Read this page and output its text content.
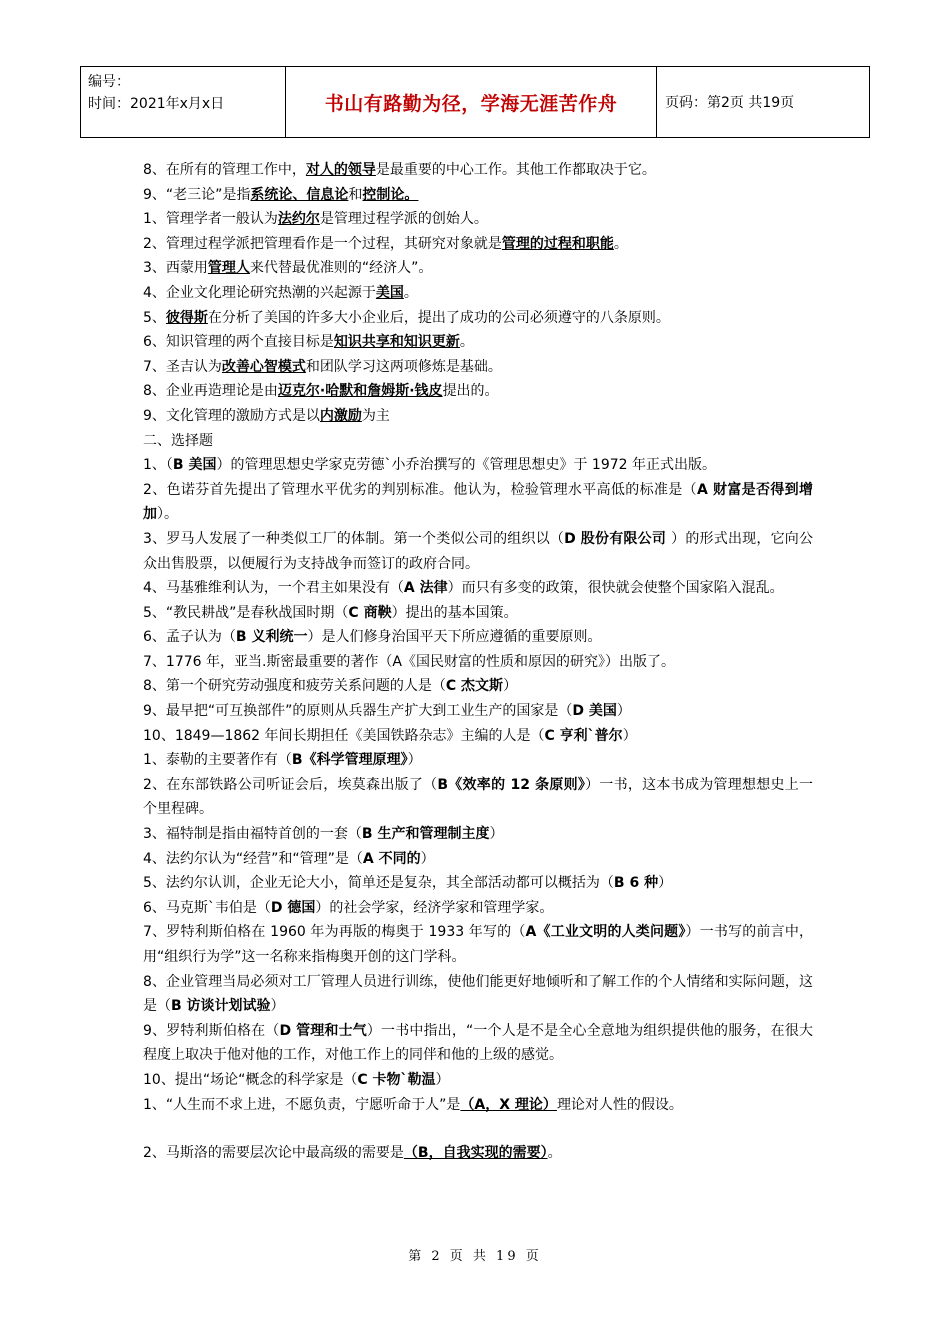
编号：
时间：2021年x月x日	书山有路勤为径，学海无涯苦作舟	页码：第2页 共19页
8、在所有的管理工作中，对人的领导是最重要的中心工作。其他工作都取决于它。
9、“老三论”是指系统论、信息论和控制论。
1、管理学者一般认为法约尔是管理过程学派的创始人。
2、管理过程学派把管理看作是一个过程，其研究对象就是管理的过程和职能。
3、西蒙用管理人来代替最优准则的“经济人”。
4、企业文化理论研究热潮的兴起源于美国。
5、彼得斯在分析了美国的许多大小企业后，提出了成功的公司必须遵守的八条原则。
6、知识管理的两个直接目标是知识共享和知识更新。
7、圣吉认为改善心智模式和团队学习这两项修炼是基础。
8、企业再造理论是由迈克尔·哈默和詹姆斯·钱皮提出的。
9、文化管理的激励方式是以内激励为主
二、选择题
1、（B 美国）的管理思想史学家克劳德`小乔治撰写的《管理思想史》于 1972 年正式出版。
2、色诺芬首先提出了管理水平优劣的判别标准。他认为，检验管理水平高低的标准是（A 财富是否得到增加）。
3、罗马人发展了一种类似工厂的体制。第一个类似公司的组织以（D 股份有限公司 ）的形式出现，它向公众出售股票，以便履行为支持战争而签订的政府合同。
4、马基雅维利认为，一个君主如果没有（A 法律）而只有多变的政策，很快就会使整个国家陷入混乱。
5、“教民耕战”是春秋战国时期（C 商鞅）提出的基本国策。
6、孟子认为（B 义利统一）是人们修身治国平天下所应遵循的重要原则。
7、1776 年，亚当.斯密最重要的著作（A《国民财富的性质和原因的研究》）出版了。
8、第一个研究劳动强度和疲劳关系问题的人是（C 杰文斯）
9、最早把“可互换部件”的原则从兵器生产扩大到工业生产的国家是（D 美国）
10、1849—1862 年间长期担任《美国铁路杂志》主编的人是（C 亨利`普尔）
1、泰勒的主要著作有（B《科学管理原理》）
2、在东部铁路公司听证会后，埃莫森出版了（B《效率的 12 条原则》）一书，这本书成为管理想想史上一个里程碑。
3、福特制是指由福特首创的一套（B 生产和管理制主度）
4、法约尔认为“经营”和“管理”是（A 不同的）
5、法约尔认训，企业无论大小，简单还是复杂，其全部活动都可以概括为（B 6 种）
6、马克斯`韦伯是（D 德国）的社会学家，经济学家和管理学家。
7、罗特利斯伯格在 1960 年为再版的梅奥于 1933 年写的（A《工业文明的人类问题》）一书写的前言中，用“组织行为学”这一名称来指梅奥开创的这门学科。
8、企业管理当局必须对工厂管理人员进行训练，使他们能更好地倾听和了解工作的个人情绪和实际问题，这是（B 访谈计划试验）
9、罗特利斯伯格在（D 管理和士气）一书中指出，“一个人是不是全心全意地为组织提供他的服务，在很大程度上取决于他对他的工作，对他工作上的同伴和他的上级的感觉。
10、提出“场论“概念的科学家是（C 卡物`勒温）
1、“人生而不求上进，不愿负责，宁愿听命于人”是（A，X 理论）理论对人性的假设。
2、马斯洛的需要层次论中最高级的需要是（B，自我实现的需要）。
第 2 页 共 19 页
